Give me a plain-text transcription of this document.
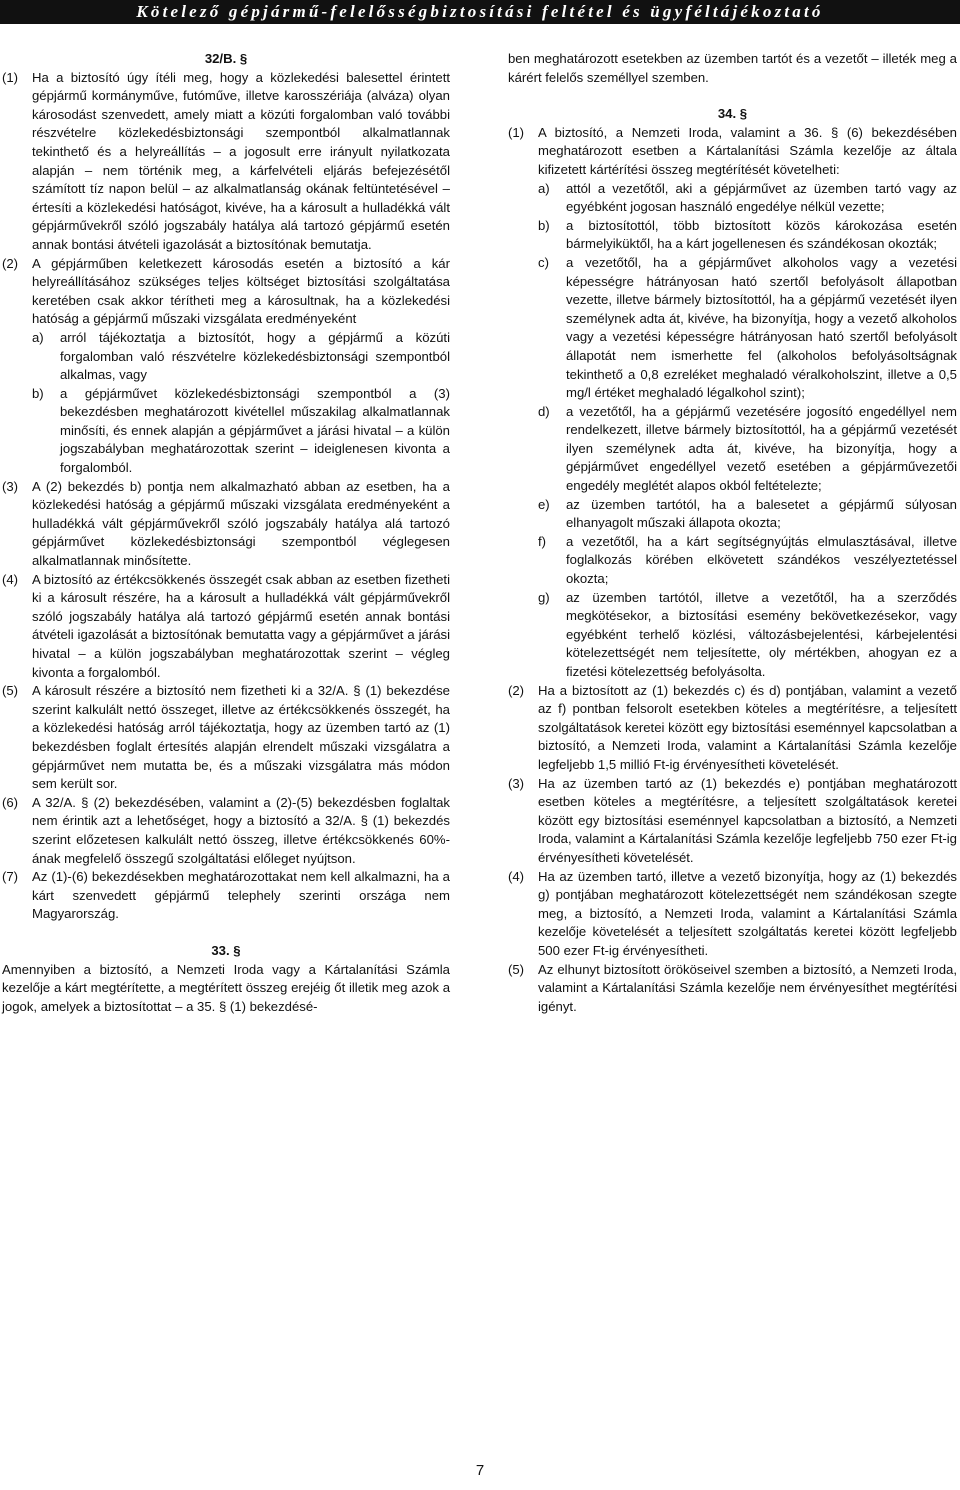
Kötelező gépjármű-felelősségbiztosítási feltétel és ügyféltájékoztató

32/B. §

(1) Ha a biztosító úgy ítéli meg, hogy a közlekedési balesettel érintett gépjármű kormányműve, futóműve, illetve karosszériája (alváza) olyan károsodást szenvedett, amely miatt a közúti forgalomban való további részvételre közlekedésbiztonsági szempontból alkalmatlannak tekinthető és a helyreállítás – a jogosult erre irányult nyilatkozata alapján – nem történik meg, a kárfelvételi eljárás befejezésétől számított tíz napon belül – az alkalmatlanság okának feltüntetésével – értesíti a közlekedési hatóságot, kivéve, ha a károsult a hulladékká vált gépjárművekről szóló jogszabály hatálya alá tartozó gépjármű esetén annak bontási átvételi igazolását a biztosítónak bemutatja.

(2) A gépjárműben keletkezett károsodás esetén a biztosító a kár helyreállításához szükséges teljes költséget biztosítási szolgáltatása keretében csak akkor térítheti meg a károsultnak, ha a közlekedési hatóság a gépjármű műszaki vizsgálata eredményeként

a) arról tájékoztatja a biztosítót, hogy a gépjármű a közúti forgalomban való részvételre közlekedésbiztonsági szempontból alkalmas, vagy

b) a gépjárművet közlekedésbiztonsági szempontból a (3) bekezdésben meghatározott kivétellel műszakilag alkalmatlannak minősíti, és ennek alapján a gépjárművet a járási hivatal – a külön jogszabályban meghatározottak szerint – ideiglenesen kivonta a forgalomból.

(3) A (2) bekezdés b) pontja nem alkalmazható abban az esetben, ha a közlekedési hatóság a gépjármű műszaki vizsgálata eredményeként a hulladékká vált gépjárművekről szóló jogszabály hatálya alá tartozó gépjárművet közlekedésbiztonsági szempontból véglegesen alkalmatlannak minősítette.

(4) A biztosító az értékcsökkenés összegét csak abban az esetben fizetheti ki a károsult részére, ha a károsult a hulladékká vált gépjárművekről szóló jogszabály hatálya alá tartozó gépjármű esetén annak bontási átvételi igazolását a biztosítónak bemutatta vagy a gépjárművet a járási hivatal – a külön jogszabályban meghatározottak szerint – végleg kivonta a forgalomból.

(5) A károsult részére a biztosító nem fizetheti ki a 32/A. § (1) bekezdése szerint kalkulált nettó összeget, illetve az értékcsökkenés összegét, ha a közlekedési hatóság arról tájékoztatja, hogy az üzemben tartó az (1) bekezdésben foglalt értesítés alapján elrendelt műszaki vizsgálatra a gépjárművet nem mutatta be, és a műszaki vizsgálatra más módon sem került sor.

(6) A 32/A. § (2) bekezdésében, valamint a (2)-(5) bekezdésben foglaltak nem érintik azt a lehetőséget, hogy a biztosító a 32/A. § (1) bekezdés szerint előzetesen kalkulált nettó összeg, illetve értékcsökkenés 60%-ának megfelelő összegű szolgáltatási előleget nyújtson.

(7) Az (1)-(6) bekezdésekben meghatározottakat nem kell alkalmazni, ha a kárt szenvedett gépjármű telephely szerinti országa nem Magyarország.

33. §

Amennyiben a biztosító, a Nemzeti Iroda vagy a Kártalanítási Számla kezelője a kárt megtérítette, a megtérített összeg erejéig őt illetik meg azok a jogok, amelyek a biztosítottat – a 35. § (1) bekezdésé-

ben meghatározott esetekben az üzemben tartót és a vezetőt – illeték meg a kárért felelős személlyel szemben.

34. §

(1) A biztosító, a Nemzeti Iroda, valamint a 36. § (6) bekezdésében meghatározott esetben a Kártalanítási Számla kezelője az általa kifizetett kártérítési összeg megtérítését követelheti:

a) attól a vezetőtől, aki a gépjárművet az üzemben tartó vagy az egyébként jogosan használó engedélye nélkül vezette;

b) a biztosítottól, több biztosított közös károkozása esetén bármelyiküktől, ha a kárt jogellenesen és szándékosan okozták;

c) a vezetőtől, ha a gépjárművet alkoholos vagy a vezetési képességre hátrányosan ható szertől befolyásolt állapotban vezette, illetve bármely biztosítottól, ha a gépjármű vezetését ilyen személynek adta át, kivéve, ha bizonyítja, hogy a vezető alkoholos vagy a vezetési képességre hátrányosan ható szertől befolyásolt állapotát nem ismerhette fel (alkoholos befolyásoltságnak tekinthető a 0,8 ezreléket meghaladó véralkoholszint, illetve a 0,5 mg/l értéket meghaladó légalkohol szint);

d) a vezetőtől, ha a gépjármű vezetésére jogosító engedéllyel nem rendelkezett, illetve bármely biztosítottól, ha a gépjármű vezetését ilyen személynek adta át, kivéve, ha bizonyítja, hogy a gépjárművet engedéllyel vezető esetében a gépjárművezetői engedély meglétét alapos okból feltételezte;

e) az üzemben tartótól, ha a balesetet a gépjármű súlyosan elhanyagolt műszaki állapota okozta;

f) a vezetőtől, ha a kárt segítségnyújtás elmulasztásával, illetve foglalkozás körében elkövetett szándékos veszélyeztetéssel okozta;

g) az üzemben tartótól, illetve a vezetőtől, ha a szerződés megkötésekor, a biztosítási esemény bekövetkezésekor, vagy egyébként terhelő közlési, változásbejelentési, kárbejelentési kötelezettségét nem teljesítette, oly mértékben, ahogyan ez a fizetési kötelezettség befolyásolta.

(2) Ha a biztosított az (1) bekezdés c) és d) pontjában, valamint a vezető az f) pontban felsorolt esetekben köteles a megtérítésre, a teljesített szolgáltatások keretei között egy biztosítási eseménnyel kapcsolatban a biztosító, a Nemzeti Iroda, valamint a Kártalanítási Számla kezelője legfeljebb 1,5 millió Ft-ig érvényesítheti követelését.

(3) Ha az üzemben tartó az (1) bekezdés e) pontjában meghatározott esetben köteles a megtérítésre, a teljesített szolgáltatások keretei között egy biztosítási eseménnyel kapcsolatban a biztosító, a Nemzeti Iroda, valamint a Kártalanítási Számla kezelője legfeljebb 750 ezer Ft-ig érvényesítheti követelését.

(4) Ha az üzemben tartó, illetve a vezető bizonyítja, hogy az (1) bekezdés g) pontjában meghatározott kötelezettségét nem szándékosan szegte meg, a biztosító, a Nemzeti Iroda, valamint a Kártalanítási Számla kezelője követelését a teljesített szolgáltatás keretei között legfeljebb 500 ezer Ft-ig érvényesítheti.

(5) Az elhunyt biztosított örököseivel szemben a biztosító, a Nemzeti Iroda, valamint a Kártalanítási Számla kezelője nem érvényesíthet megtérítési igényt.

7
